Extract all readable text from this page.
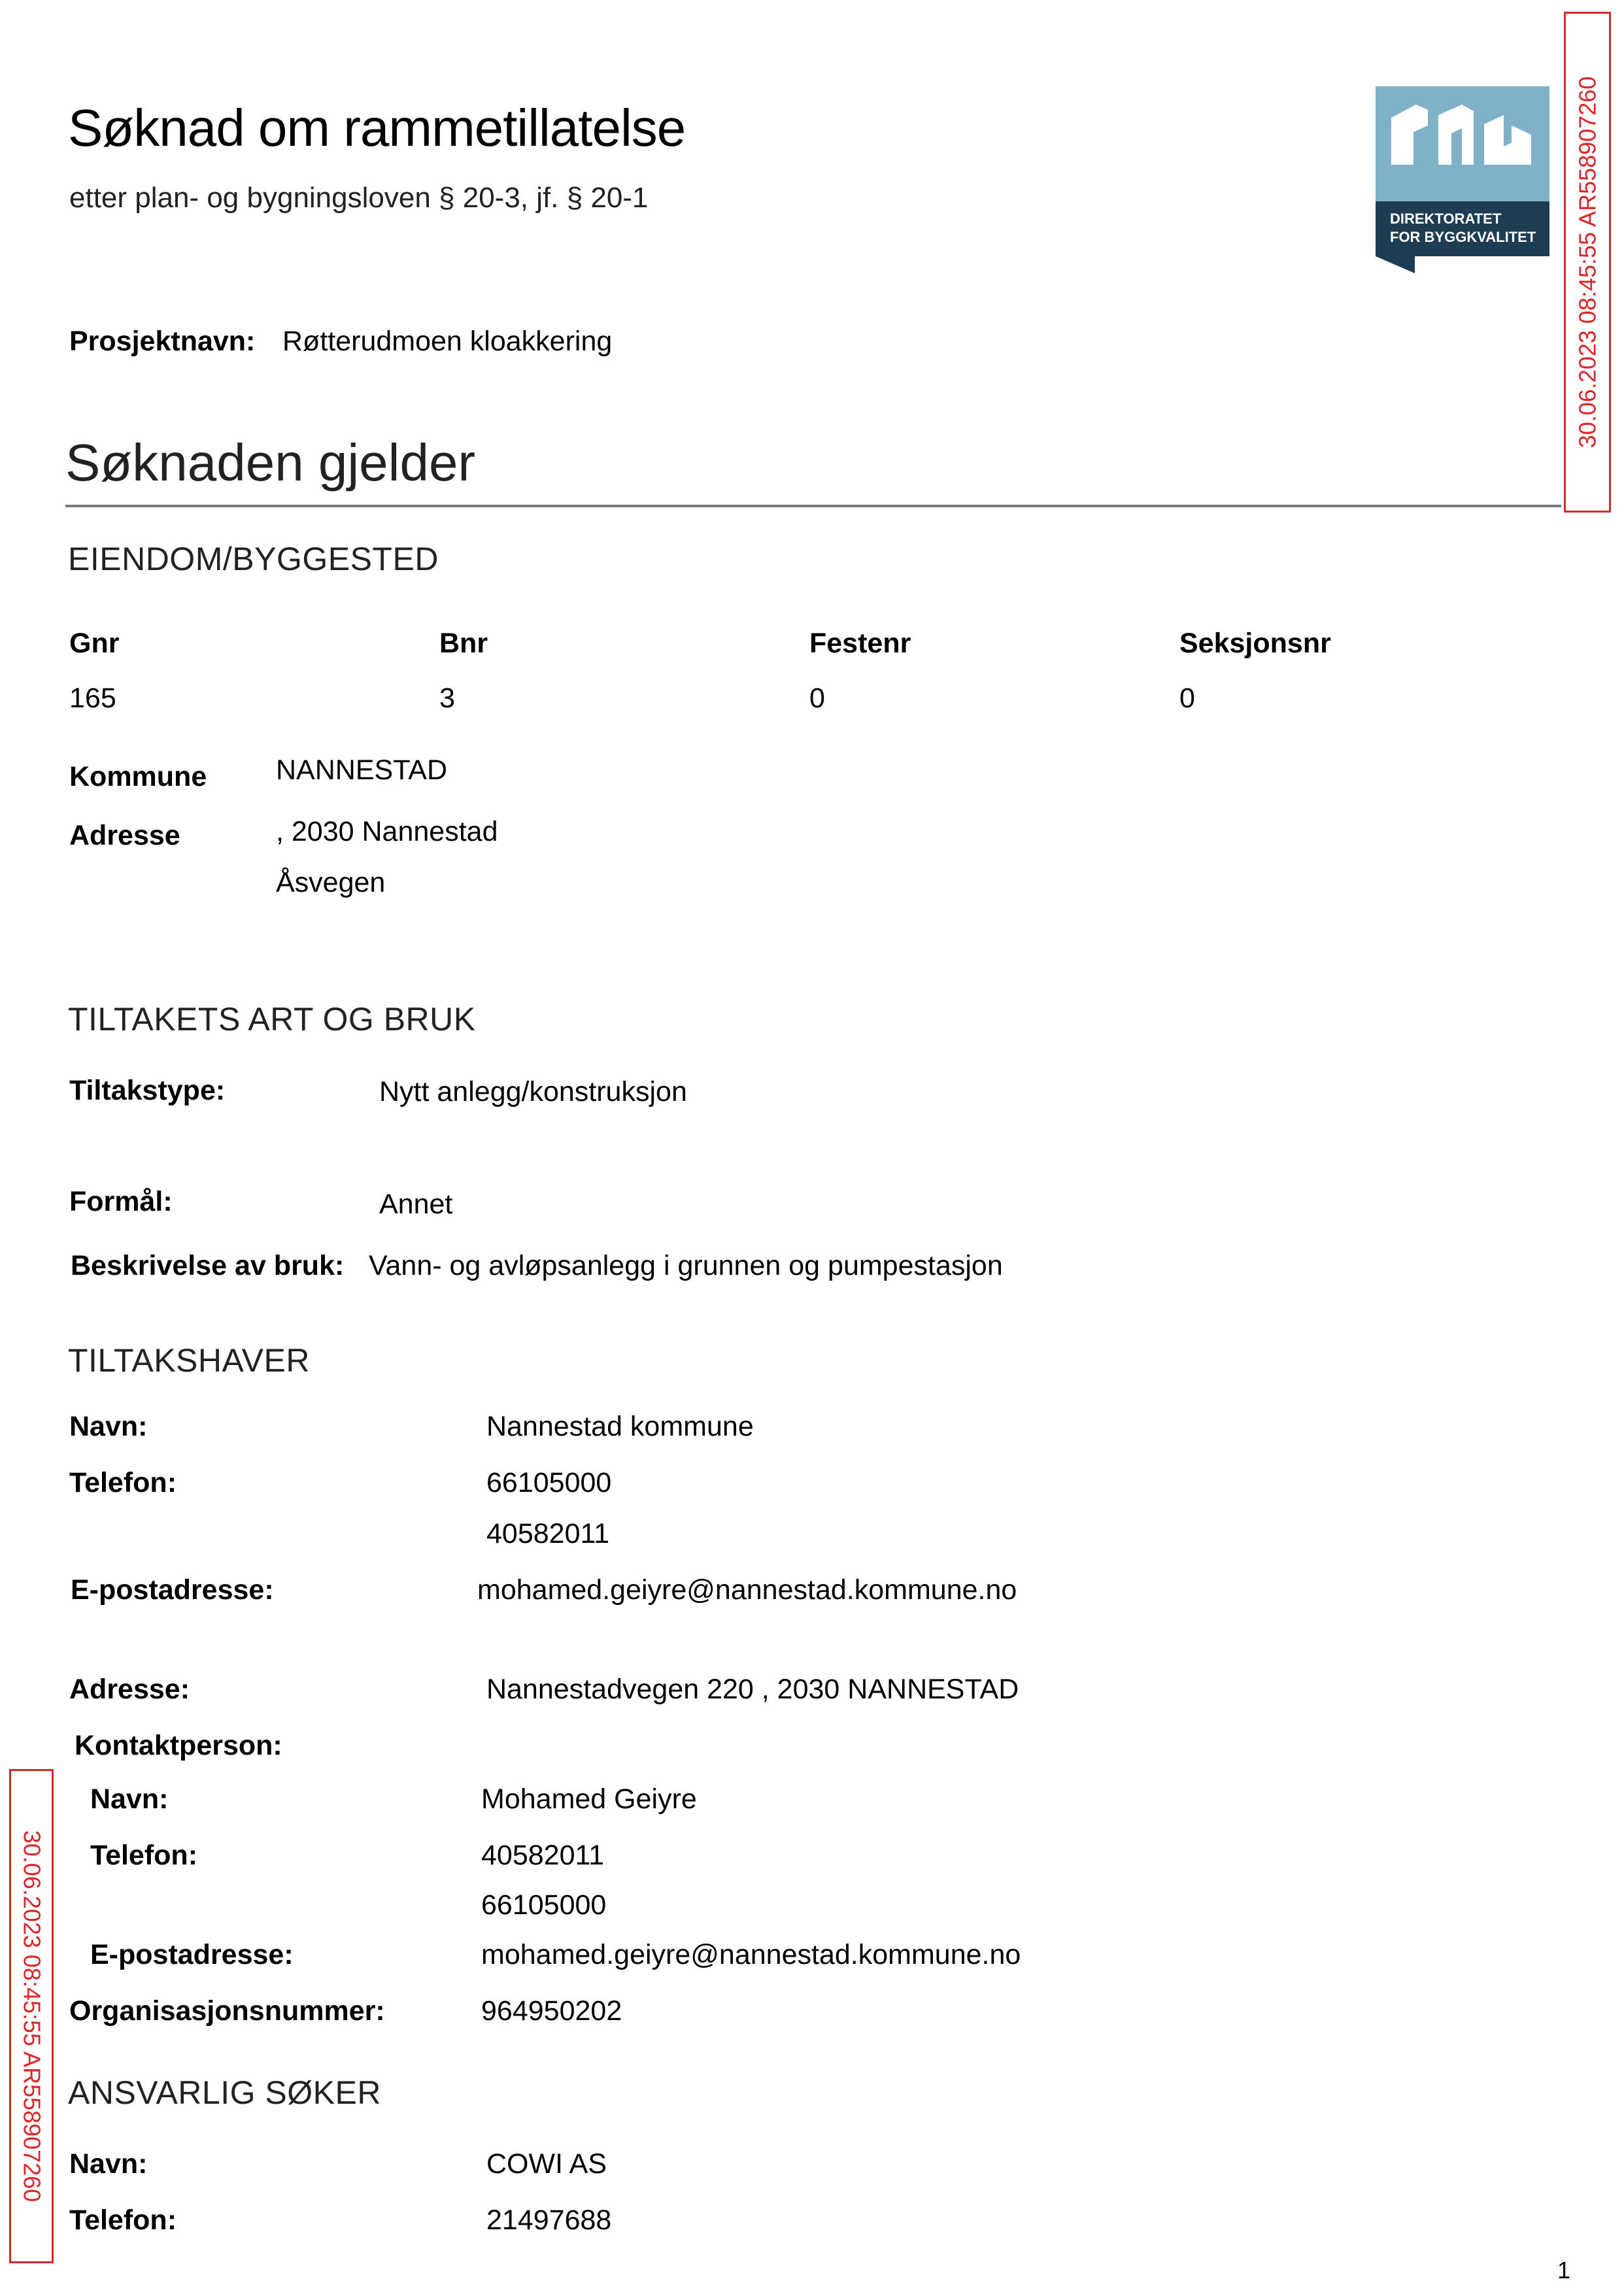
Søknad om rammetillatelse
etter plan- og bygningsloven § 20-3, jf. § 20-1
DIREKTORATET
FOR BYGGKVALITET 30.06.2023 08:45:55 AR558907260
30.06.2023 08:45:55 AR558907260
Prosjektnavn: Røtterudmoen kloakkering
Søknaden gjelder
EIENDOM/BYGGESTED
Gnr	Bnr	Festenr	Seksjonsnr
165	3	0	0
Kommune NANNESTAD
Adresse	, 2030 Nannestad
Åsvegen
TILTAKETS ART OG BRUK
Tiltakstype:	Nytt anlegg/konstruksjon
Formål:	Annet
Beskrivelse av bruk: Vann- og avløpsanlegg i grunnen og pumpestasjon
TILTAKSHAVER
Navn:	Nannestad kommune
Telefon:	66105000
40582011
E-postadresse:	mohamed.geiyre@nannestad.kommune.no
Adresse:	Nannestadvegen 220 , 2030 NANNESTAD
Kontaktperson:
Navn:	Mohamed Geiyre
Telefon:	40582011
66105000
E-postadresse:	mohamed.geiyre@nannestad.kommune.no
Organisasjonsnummer:	964950202
ANSVARLIG SØKER
Navn:	COWI AS
Telefon:	21497688
1
